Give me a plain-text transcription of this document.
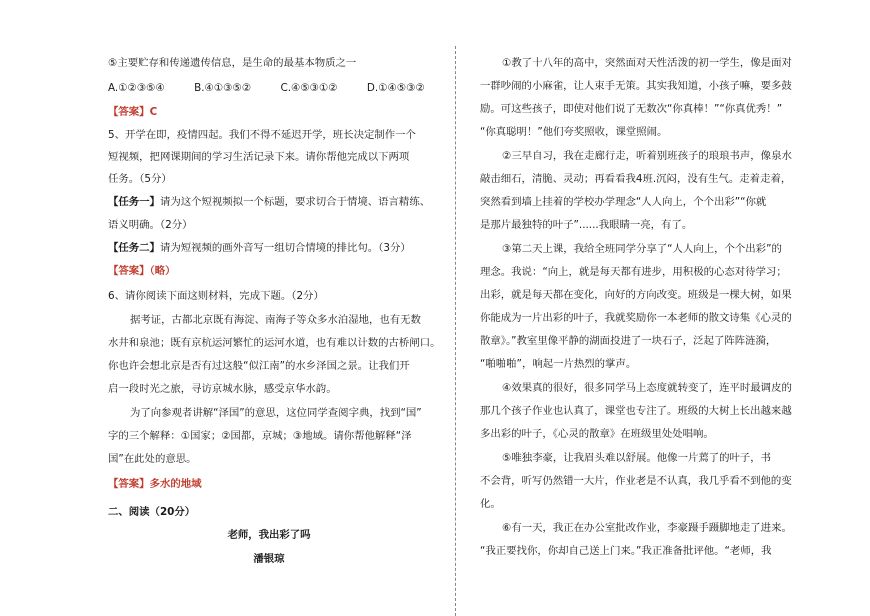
⑤主要贮存和传递遗传信息，是生命的最基本物质之一
A.①②③⑤④	B.④①③⑤②	C.④⑤③①②	D.①④⑤③②
【答案】C
5、开学在即，疫情四起。我们不得不延迟开学，班长决定制作一个
短视频，把网课期间的学习生活记录下来。请你帮他完成以下两项
任务。（5分）
【任务一】请为这个短视频拟一个标题，要求切合于情境、语言精练、
语义明确。（2分）
【任务二】请为短视频的画外音写一组切合情境的排比句。（3分）
【答案】（略）
6、请你阅读下面这则材料，完成下题。（2分）
据考证，古都北京既有海淀、南海子等众多水泊湿地，也有无数
水井和泉池；既有京杭运河繁忙的运河水道，也有难以计数的古桥闸口。
你也许会想北京是否有过这般“似江南”的水乡泽国之景。让我们开
启一段时光之旅，寻访京城水脉，感受京华水韵。
为了向参观者讲解“泽国”的意思，这位同学查阅字典，找到“国”
字的三个解释：①国家；②国都，京城；③地域。请你帮他解释“泽
国”在此处的意思。
【答案】多水的地域
二、阅读（20分）
老师，我出彩了吗
潘银琼
①教了十八年的高中，突然面对天性活泼的初一学生，像是面对
一群吵闹的小麻雀，让人束手无策。其实我知道，小孩子嘛，要多鼓
励。可这些孩子，即使对他们说了无数次“你真棒！”“你真优秀！”
“你真聪明！”他们夸奖照收，课堂照闹。
②三早自习，我在走廊行走，听着别班孩子的琅琅书声，像泉水
敲击细石，清脆、灵动；再看看我4班.沉闷，没有生气。走着走着，
突然看到墙上挂着的学校办学理念“人人向上，个个出彩”“你就
是那片最独特的叶子”......我眼睛一亮，有了。
③第二天上课，我给全班同学分享了“人人向上，个个出彩”的
理念。我说：“向上，就是每天都有进步，用积极的心态对待学习；
出彩，就是每天都在变化，向好的方向改变。班级是一棵大树，如果
你能成为一片出彩的叶子，我就奖励你一本老师的散文诗集《心灵的
散章》。”教室里像平静的湖面投进了一块石子，泛起了阵阵涟漪，
“啪啪啪”，响起一片热烈的掌声。
④效果真的很好，很多同学马上态度就转变了，连平时最调皮的
那几个孩子作业也认真了，课堂也专注了。班级的大树上长出越来越
多出彩的叶子，《心灵的散章》在班级里处处唱响。
⑤唯独李豪，让我眉头难以舒展。他像一片蔫了的叶子，书
不会背，听写仍然错一大片，作业老是不认真，我几乎看不到他的变
化。
⑥有一天，我正在办公室批改作业，李豪蹑手蹑脚地走了进来。
“我正要找你，你却自己送上门来。”我正准备批评他。“老师，我
